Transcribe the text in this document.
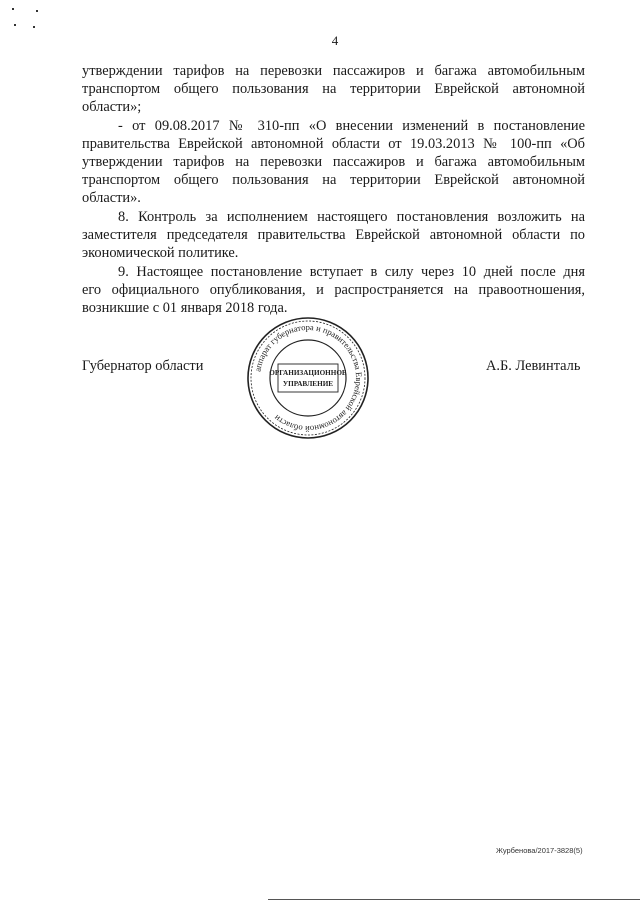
4
утверждении тарифов на перевозки пассажиров и багажа автомобильным
транспортом общего пользования на территории Еврейской автономной
области»;
- от 09.08.2017 № 310-пп «О внесении изменений в постановление
правительства Еврейской автономной области от 19.03.2013 № 100-пп «Об
утверждении тарифов на перевозки пассажиров и багажа автомобильным
транспортом общего пользования на территории Еврейской автономной
области».
8. Контроль за исполнением настоящего постановления возложить на
заместителя председателя правительства Еврейской автономной области по
экономической политике.
9. Настоящее постановление вступает в силу через 10 дней после дня
его официального опубликования, и распространяется на правоотношения,
возникшие с 01 января 2018 года.
Губернатор области	А.Б. Левинталь
аппарат губернатора и правительства Еврейской автономной области
ОРГАНИЗАЦИОННОЕ
УПРАВЛЕНИЕ
Журбенова/2017-3828(5)
